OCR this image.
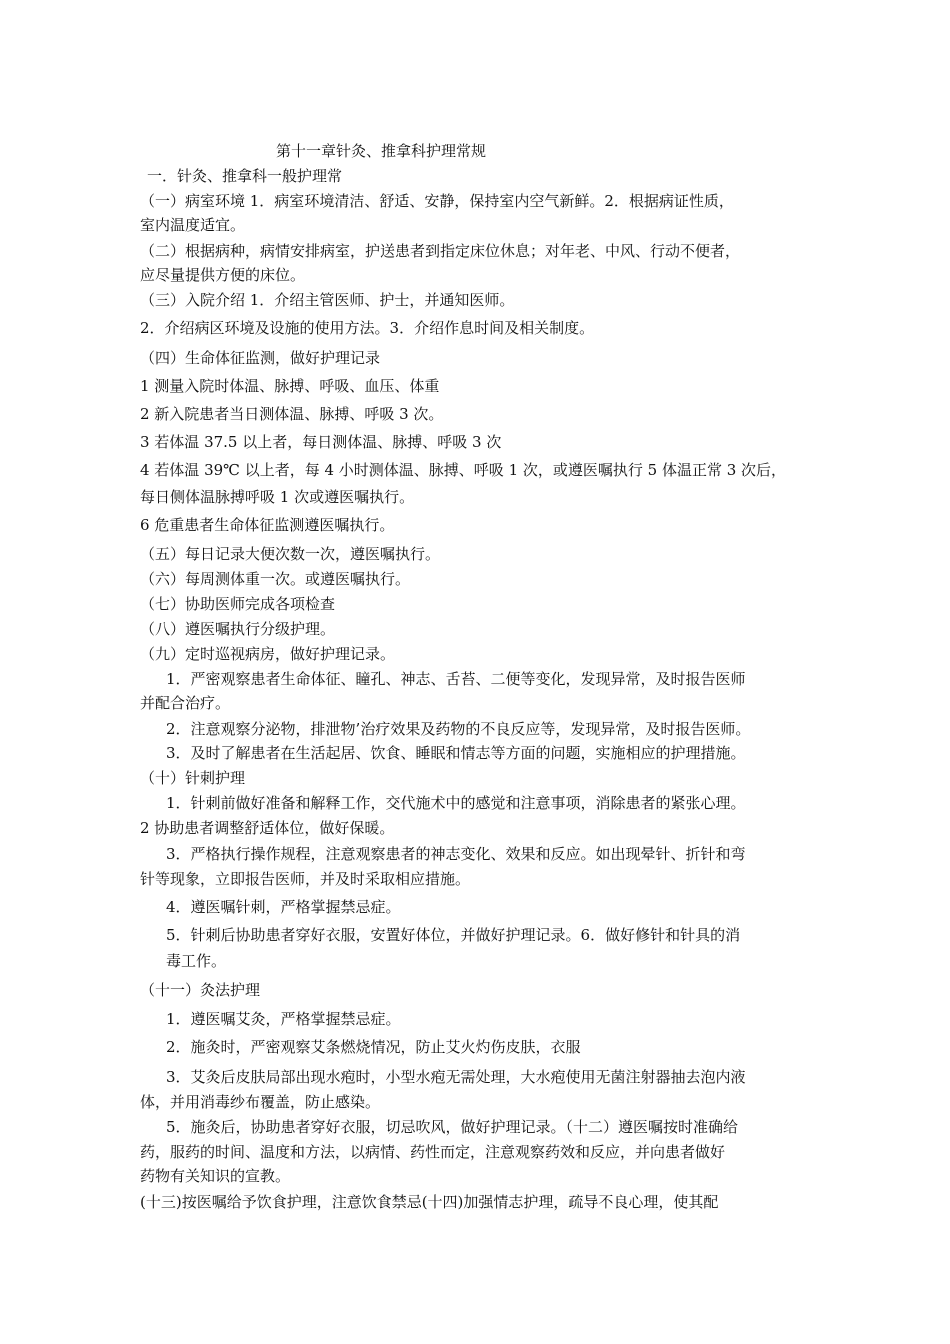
第十一章针灸、推拿科护理常规

一．针灸、推拿科一般护理常

（一）病室环境 1．病室环境清洁、舒适、安静，保持室内空气新鲜。2．根据病证性质，

室内温度适宜。

（二）根据病种，病情安排病室，护送患者到指定床位休息；对年老、中风、行动不便者，

应尽量提供方便的床位。

（三）入院介绍 1．介绍主管医师、护士，并通知医师。

2．介绍病区环境及设施的使用方法。3．介绍作息时间及相关制度。

（四）生命体征监测，做好护理记录

1 测量入院时体温、脉搏、呼吸、血压、体重

2 新入院患者当日测体温、脉搏、呼吸 3 次。

3 若体温 37.5 以上者，每日测体温、脉搏、呼吸 3 次

4 若体温 39℃ 以上者，每 4 小时测体温、脉搏、呼吸 1 次，或遵医嘱执行 5 体温正常 3 次后，

每日侧体温脉搏呼吸 1 次或遵医嘱执行。

6 危重患者生命体征监测遵医嘱执行。

（五）每日记录大便次数一次，遵医嘱执行。

（六）每周测体重一次。或遵医嘱执行。

（七）协助医师完成各项检查

（八）遵医嘱执行分级护理。

（九）定时巡视病房，做好护理记录。

1．严密观察患者生命体征、瞳孔、神志、舌苔、二便等变化，发现异常，及时报告医师

并配合治疗。

2．注意观察分泌物，排泄物’治疗效果及药物的不良反应等，发现异常，及时报告医师。

3．及时了解患者在生活起居、饮食、睡眠和情志等方面的问题，实施相应的护理措施。

（十）针刺护理

1．针刺前做好准备和解释工作，交代施术中的感觉和注意事项，消除患者的紧张心理。

2 协助患者调整舒适体位，做好保暖。

3．严格执行操作规程，注意观察患者的神志变化、效果和反应。如出现晕针、折针和弯

针等现象，立即报告医师，并及时采取相应措施。

4．遵医嘱针刺，严格掌握禁忌症。

5．针刺后协助患者穿好衣服，安置好体位，并做好护理记录。6．做好修针和针具的消

毒工作。

（十一）灸法护理

1．遵医嘱艾灸，严格掌握禁忌症。

2．施灸时，严密观察艾条燃烧情况，防止艾火灼伤皮肤，衣服

3．艾灸后皮肤局部出现水疱时，小型水疱无需处理，大水疱使用无菌注射器抽去泡内液

体，并用消毒纱布覆盖，防止感染。

5．施灸后，协助患者穿好衣服，切忌吹风，做好护理记录。（十二）遵医嘱按时准确给

药，服药的时间、温度和方法，以病情、药性而定，注意观察药效和反应，并向患者做好

药物有关知识的宣教。

(十三)按医嘱给予饮食护理，注意饮食禁忌(十四)加强情志护理，疏导不良心理，使其配
